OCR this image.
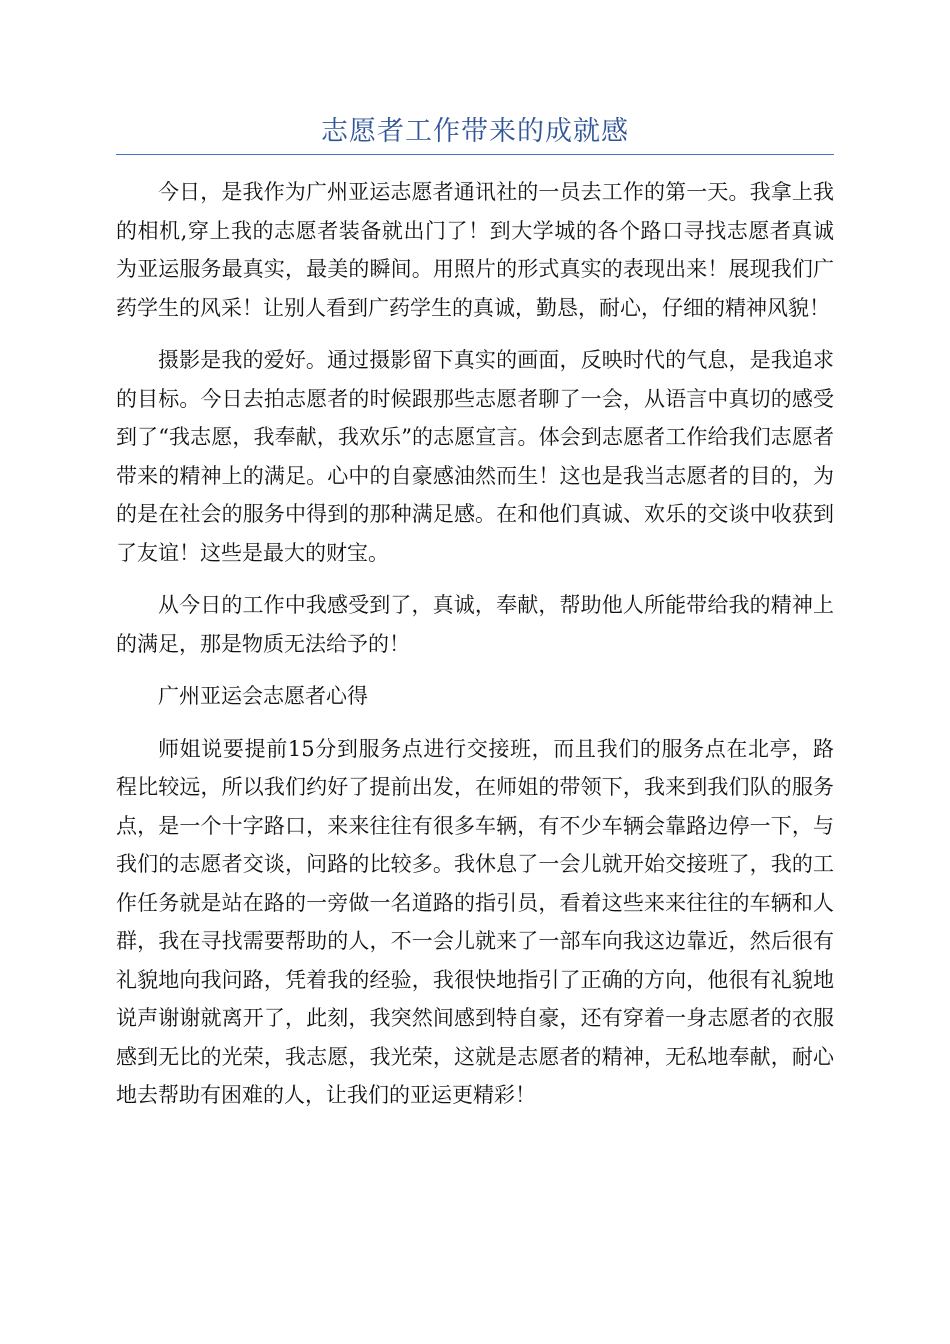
志愿者工作带来的成就感

今日，是我作为广州亚运志愿者通讯社的一员去工作的第一天。我拿上我的相机,穿上我的志愿者装备就出门了！到大学城的各个路口寻找志愿者真诚为亚运服务最真实，最美的瞬间。用照片的形式真实的表现出来！展现我们广药学生的风采！让别人看到广药学生的真诚，勤恳，耐心，仔细的精神风貌！

摄影是我的爱好。通过摄影留下真实的画面，反映时代的气息，是我追求的目标。今日去拍志愿者的时候跟那些志愿者聊了一会，从语言中真切的感受到了“我志愿，我奉献，我欢乐”的志愿宣言。体会到志愿者工作给我们志愿者带来的精神上的满足。心中的自豪感油然而生！这也是我当志愿者的目的，为的是在社会的服务中得到的那种满足感。在和他们真诚、欢乐的交谈中收获到了友谊！这些是最大的财宝。

从今日的工作中我感受到了，真诚，奉献，帮助他人所能带给我的精神上的满足，那是物质无法给予的！

广州亚运会志愿者心得

师姐说要提前15分到服务点进行交接班，而且我们的服务点在北亭，路程比较远，所以我们约好了提前出发，在师姐的带领下，我来到我们队的服务点，是一个十字路口，来来往往有很多车辆，有不少车辆会靠路边停一下，与我们的志愿者交谈，问路的比较多。我休息了一会儿就开始交接班了，我的工作任务就是站在路的一旁做一名道路的指引员，看着这些来来往往的车辆和人群，我在寻找需要帮助的人，不一会儿就来了一部车向我这边靠近，然后很有礼貌地向我问路，凭着我的经验，我很快地指引了正确的方向，他很有礼貌地说声谢谢就离开了，此刻，我突然间感到特自豪，还有穿着一身志愿者的衣服感到无比的光荣，我志愿，我光荣，这就是志愿者的精神，无私地奉献，耐心地去帮助有困难的人，让我们的亚运更精彩！
